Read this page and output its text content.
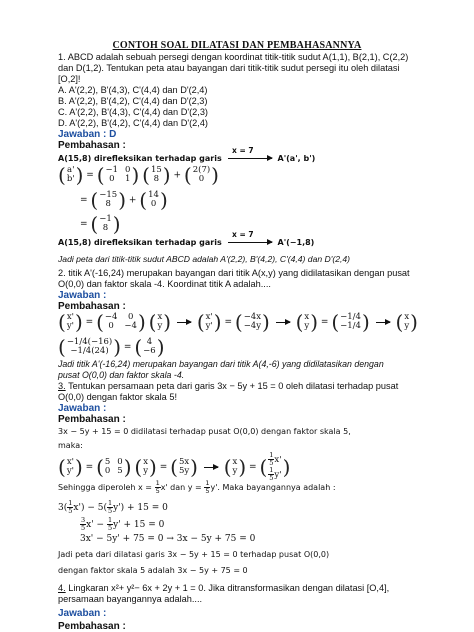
CONTOH SOAL DILATASI DAN PEMBAHASANNYA
1. ABCD adalah sebuah persegi dengan koordinat titik-titik sudut A(1,1), B(2,1), C(2,2)
dan D(1,2). Tentukan peta atau bayangan dari titik-titik sudut persegi itu oleh dilatasi
[O,2]!
A. A'(2,2), B'(4,3), C'(4,4) dan D'(2,4)
B. A'(2,2), B'(4,2), C'(4,4) dan D'(2,3)
C. A'(2,2), B'(4,3), C'(4,4) dan D'(2,3)
D. A'(2,2), B'(4,2), C'(4,4) dan D'(2,4)
Jawaban : D
Pembahasan :
A(15,8) direfleksikan terhadap garis	A'(a', b')
x = 7
( a'
b' ) = ( −1
0
0
1 )
( 15
8 ) + ( 2(7)
0 )
= ( −15
8 ) + ( 14
0 )
= ( −1
8 )
A(15,8) direfleksikan terhadap garis	A'(−1,8)
x = 7
Jadi peta dari titik-titik sudut ABCD adalah A'(2,2), B'(4,2), C'(4,4) dan D'(2,4)
2. titik A'(-16,24) merupakan bayangan dari titik A(x,y) yang didilatasikan dengan pusat
O(0,0) dan faktor skala -4. Koordinat titik A adalah....
Jawaban :
Pembahasan :
( x'
y' ) = ( −4
0
0
−4 )
( x
y )
( x'
y' ) = ( −4x
−4y )
( x
y ) = ( −1/4
−1/4 )
( x
y )
( −1/4(−16)
−1/4(24) ) = ( 4
−6 )
Jadi titik A'(-16,24) merupakan bayangan dari titik A(4,-6) yang didilatasikan dengan
pusat O(0,0) dan faktor skala -4.
3. Tentukan persamaan peta dari garis 3x − 5y + 15 = 0 oleh dilatasi terhadap pusat
O(0,0) dengan faktor skala 5!
Jawaban :
Pembahasan :
3x − 5y + 15 = 0 didilatasi terhadap pusat O(0,0) dengan faktor skala 5,
maka:
( x'
y' ) = ( 5
0
0
5 )
( x
y ) = ( 5x
5y )
( x
y ) = ( $\frac{1}{5} x'$
$\frac{1}{5} y'$ )
Sehingga diperoleh $x = \frac{1}{5} x'$ dan $y = \frac{1}{5} y'$. Maka bayangannya adalah :
$3( \frac{1}{5} x') - 5( \frac{1}{5} y') + 15 = 0$
$\frac{3}{5} x' - \frac{1}{5} y' + 15 = 0$
3x' − 5y' + 75 = 0 → 3x − 5y + 75 = 0
Jadi peta dari dilatasi garis 3x − 5y + 15 = 0 terhadap pusat O(0,0)
dengan faktor skala 5 adalah 3x − 5y + 75 = 0
4. Lingkaran x²+ y²− 6x + 2y + 1 = 0. Jika ditransformasikan dengan dilatasi [O,4],
persamaan bayangannya adalah....
Jawaban :
Pembahasan :
